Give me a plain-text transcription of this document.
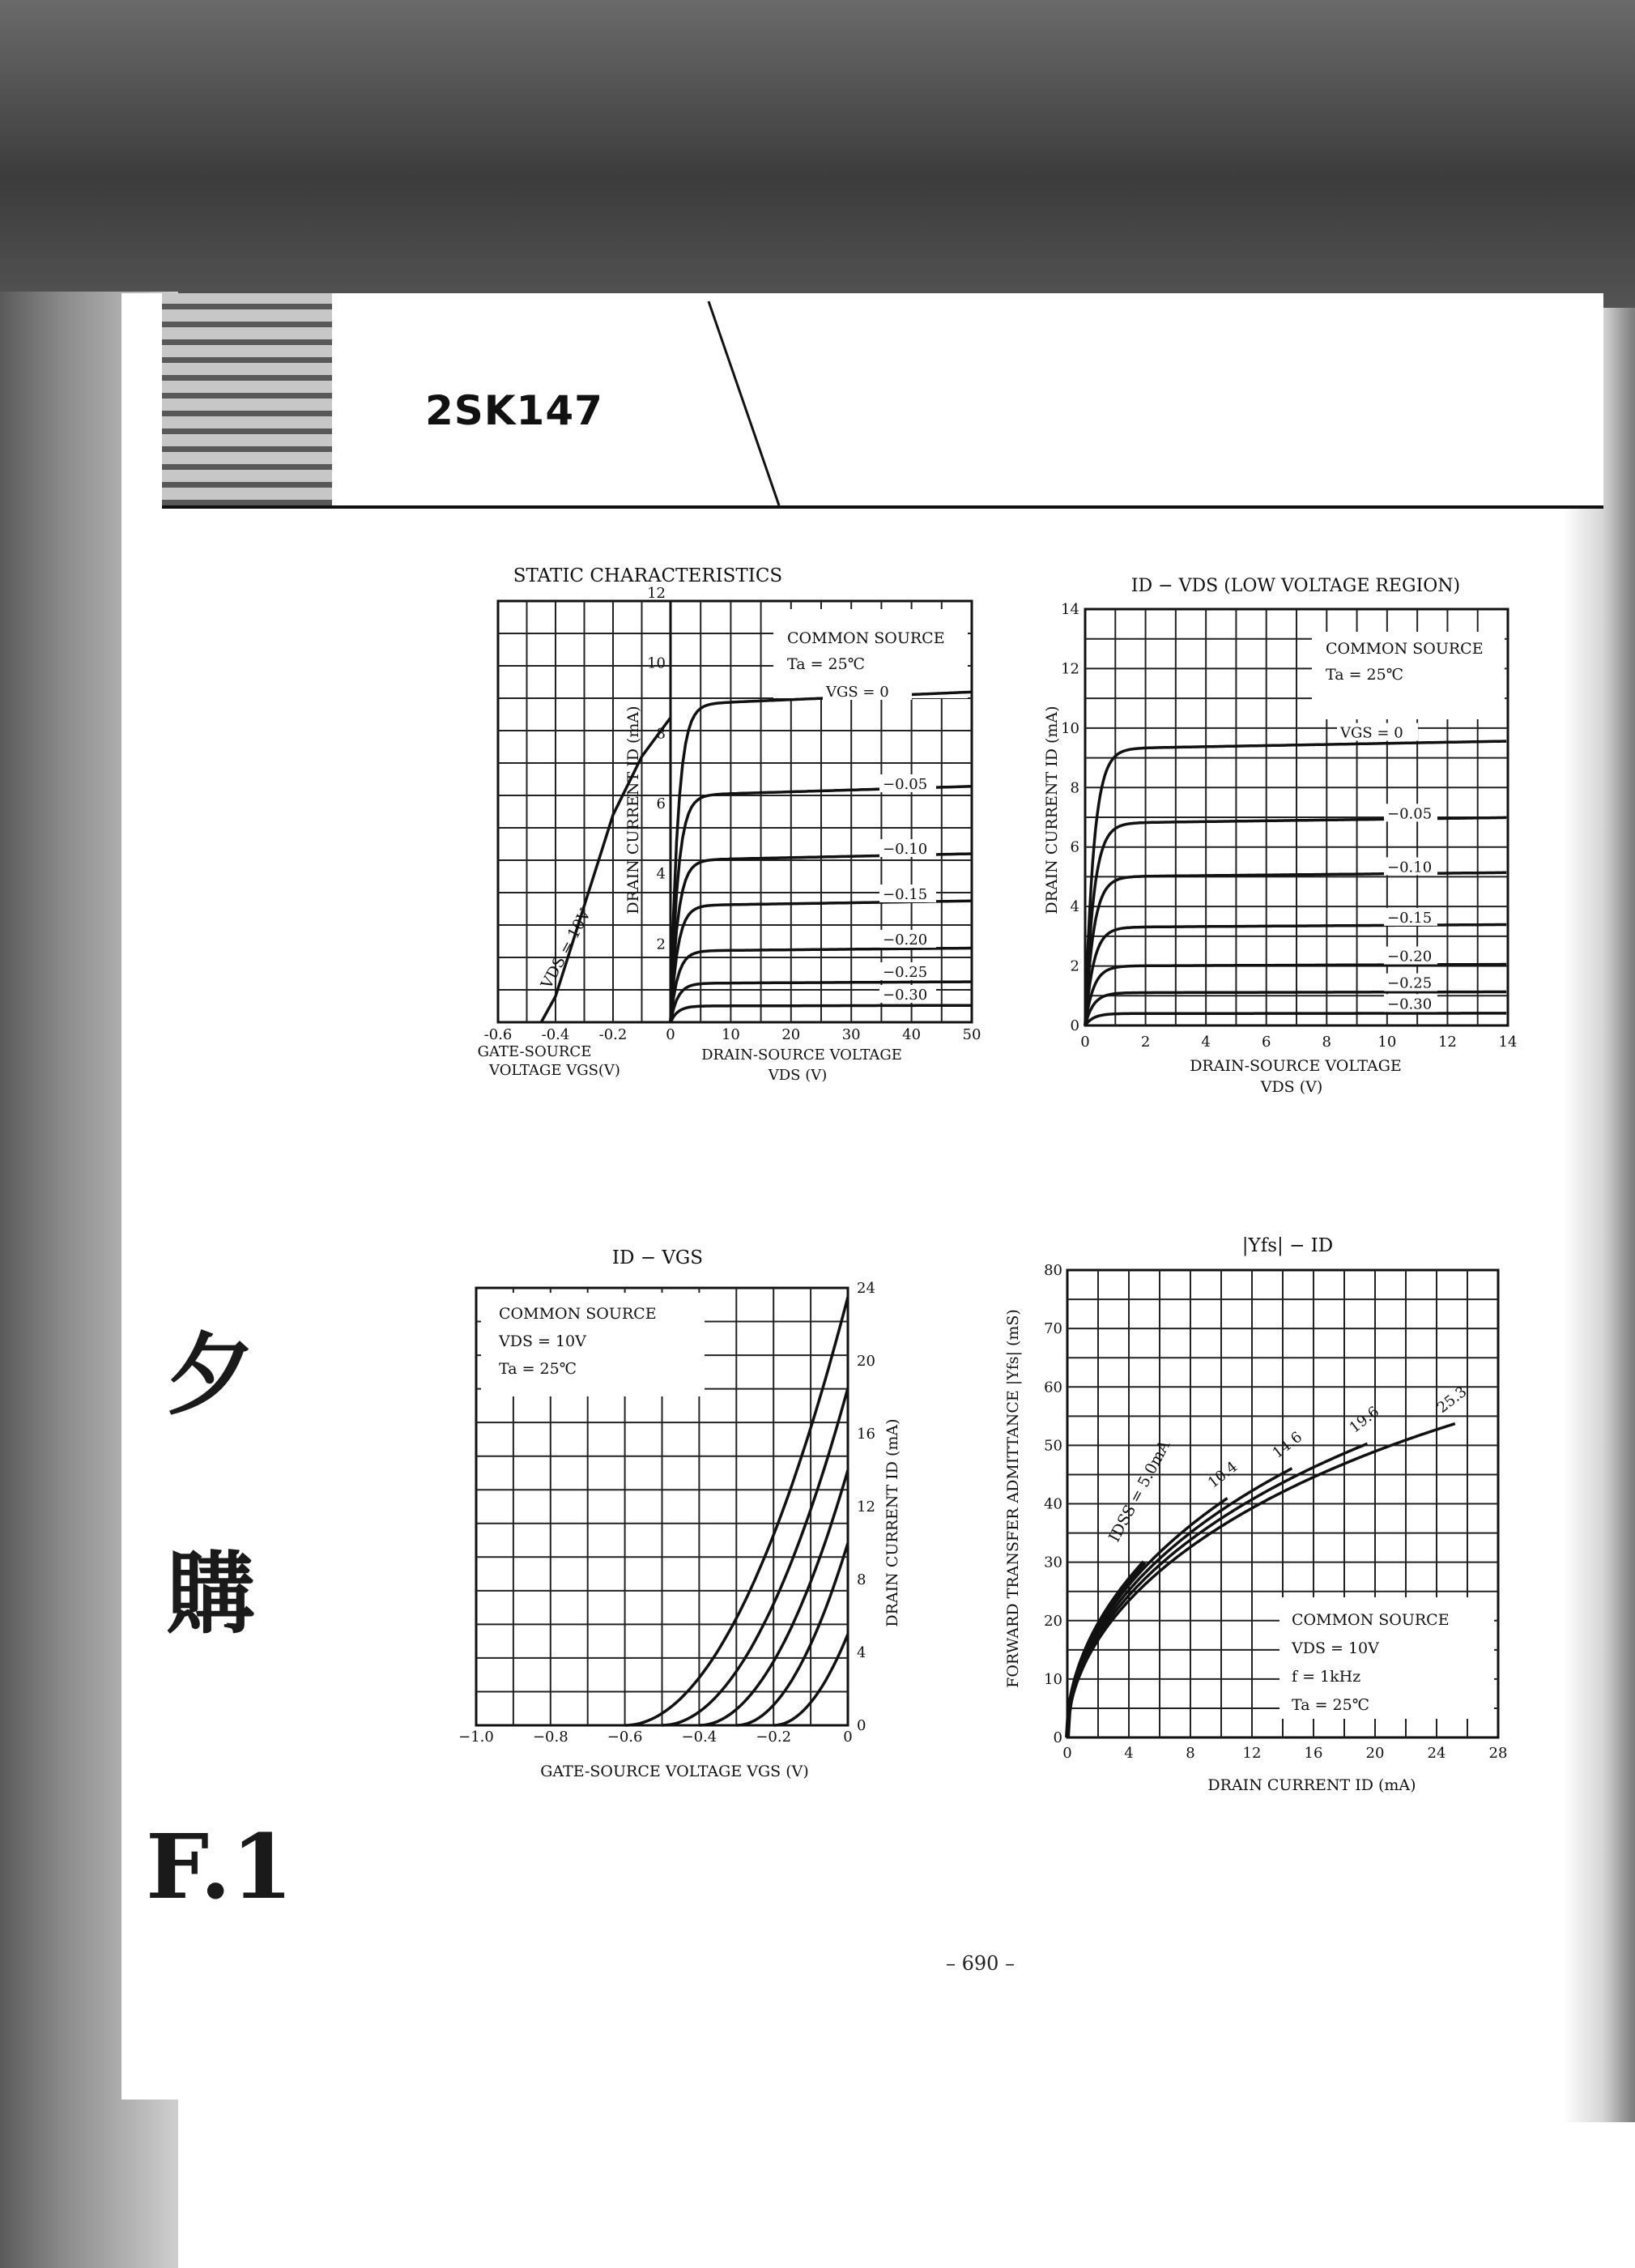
2SK147
夕
購
F.1
STATIC CHARACTERISTICS
VDS = 10V
-0.6 -0.4 -0.2
GATE-SOURCE
VOLTAGE VGS(V)
COMMON SOURCE
Ta = 25℃
VGS = 0
−0.05
−0.10
−0.15
−0.20
−0.25
−0.30
2
4
6
8
10
12
0	10	20	30	40	50
DRAIN-SOURCE VOLTAGE
VDS (V)
DRAIN CURRENT ID (mA)
ID − VDS (LOW VOLTAGE REGION)
COMMON SOURCE
Ta = 25℃
VGS = 0
−0.05
−0.10
−0.15
−0.20
−0.25
−0.30
0
0
2
2
4
4
6
6
8
8
10
10
12
12
14
14
DRAIN-SOURCE VOLTAGE
VDS (V)
DRAIN CURRENT ID (mA)
ID − VGS
COMMON SOURCE
VDS = 10V
Ta = 25℃
−1.0	−0.8	−0.6	−0.4	−0.2	0
0
4
8
12
16
20
24
GATE-SOURCE VOLTAGE VGS (V)
DRAIN CURRENT ID (mA)
|Yfs| − ID
COMMON SOURCE
VDS = 10V
f = 1kHz
Ta = 25℃
IDSS = 5.0mA 10.4
14.6
19.6
25.3
0	4	8	12	16	20	24	28
0
10
20
30
40
50
60
70
80
DRAIN CURRENT ID (mA)
FORWARD TRANSFER ADMITTANCE |Yfs| (mS)
– 690 –
